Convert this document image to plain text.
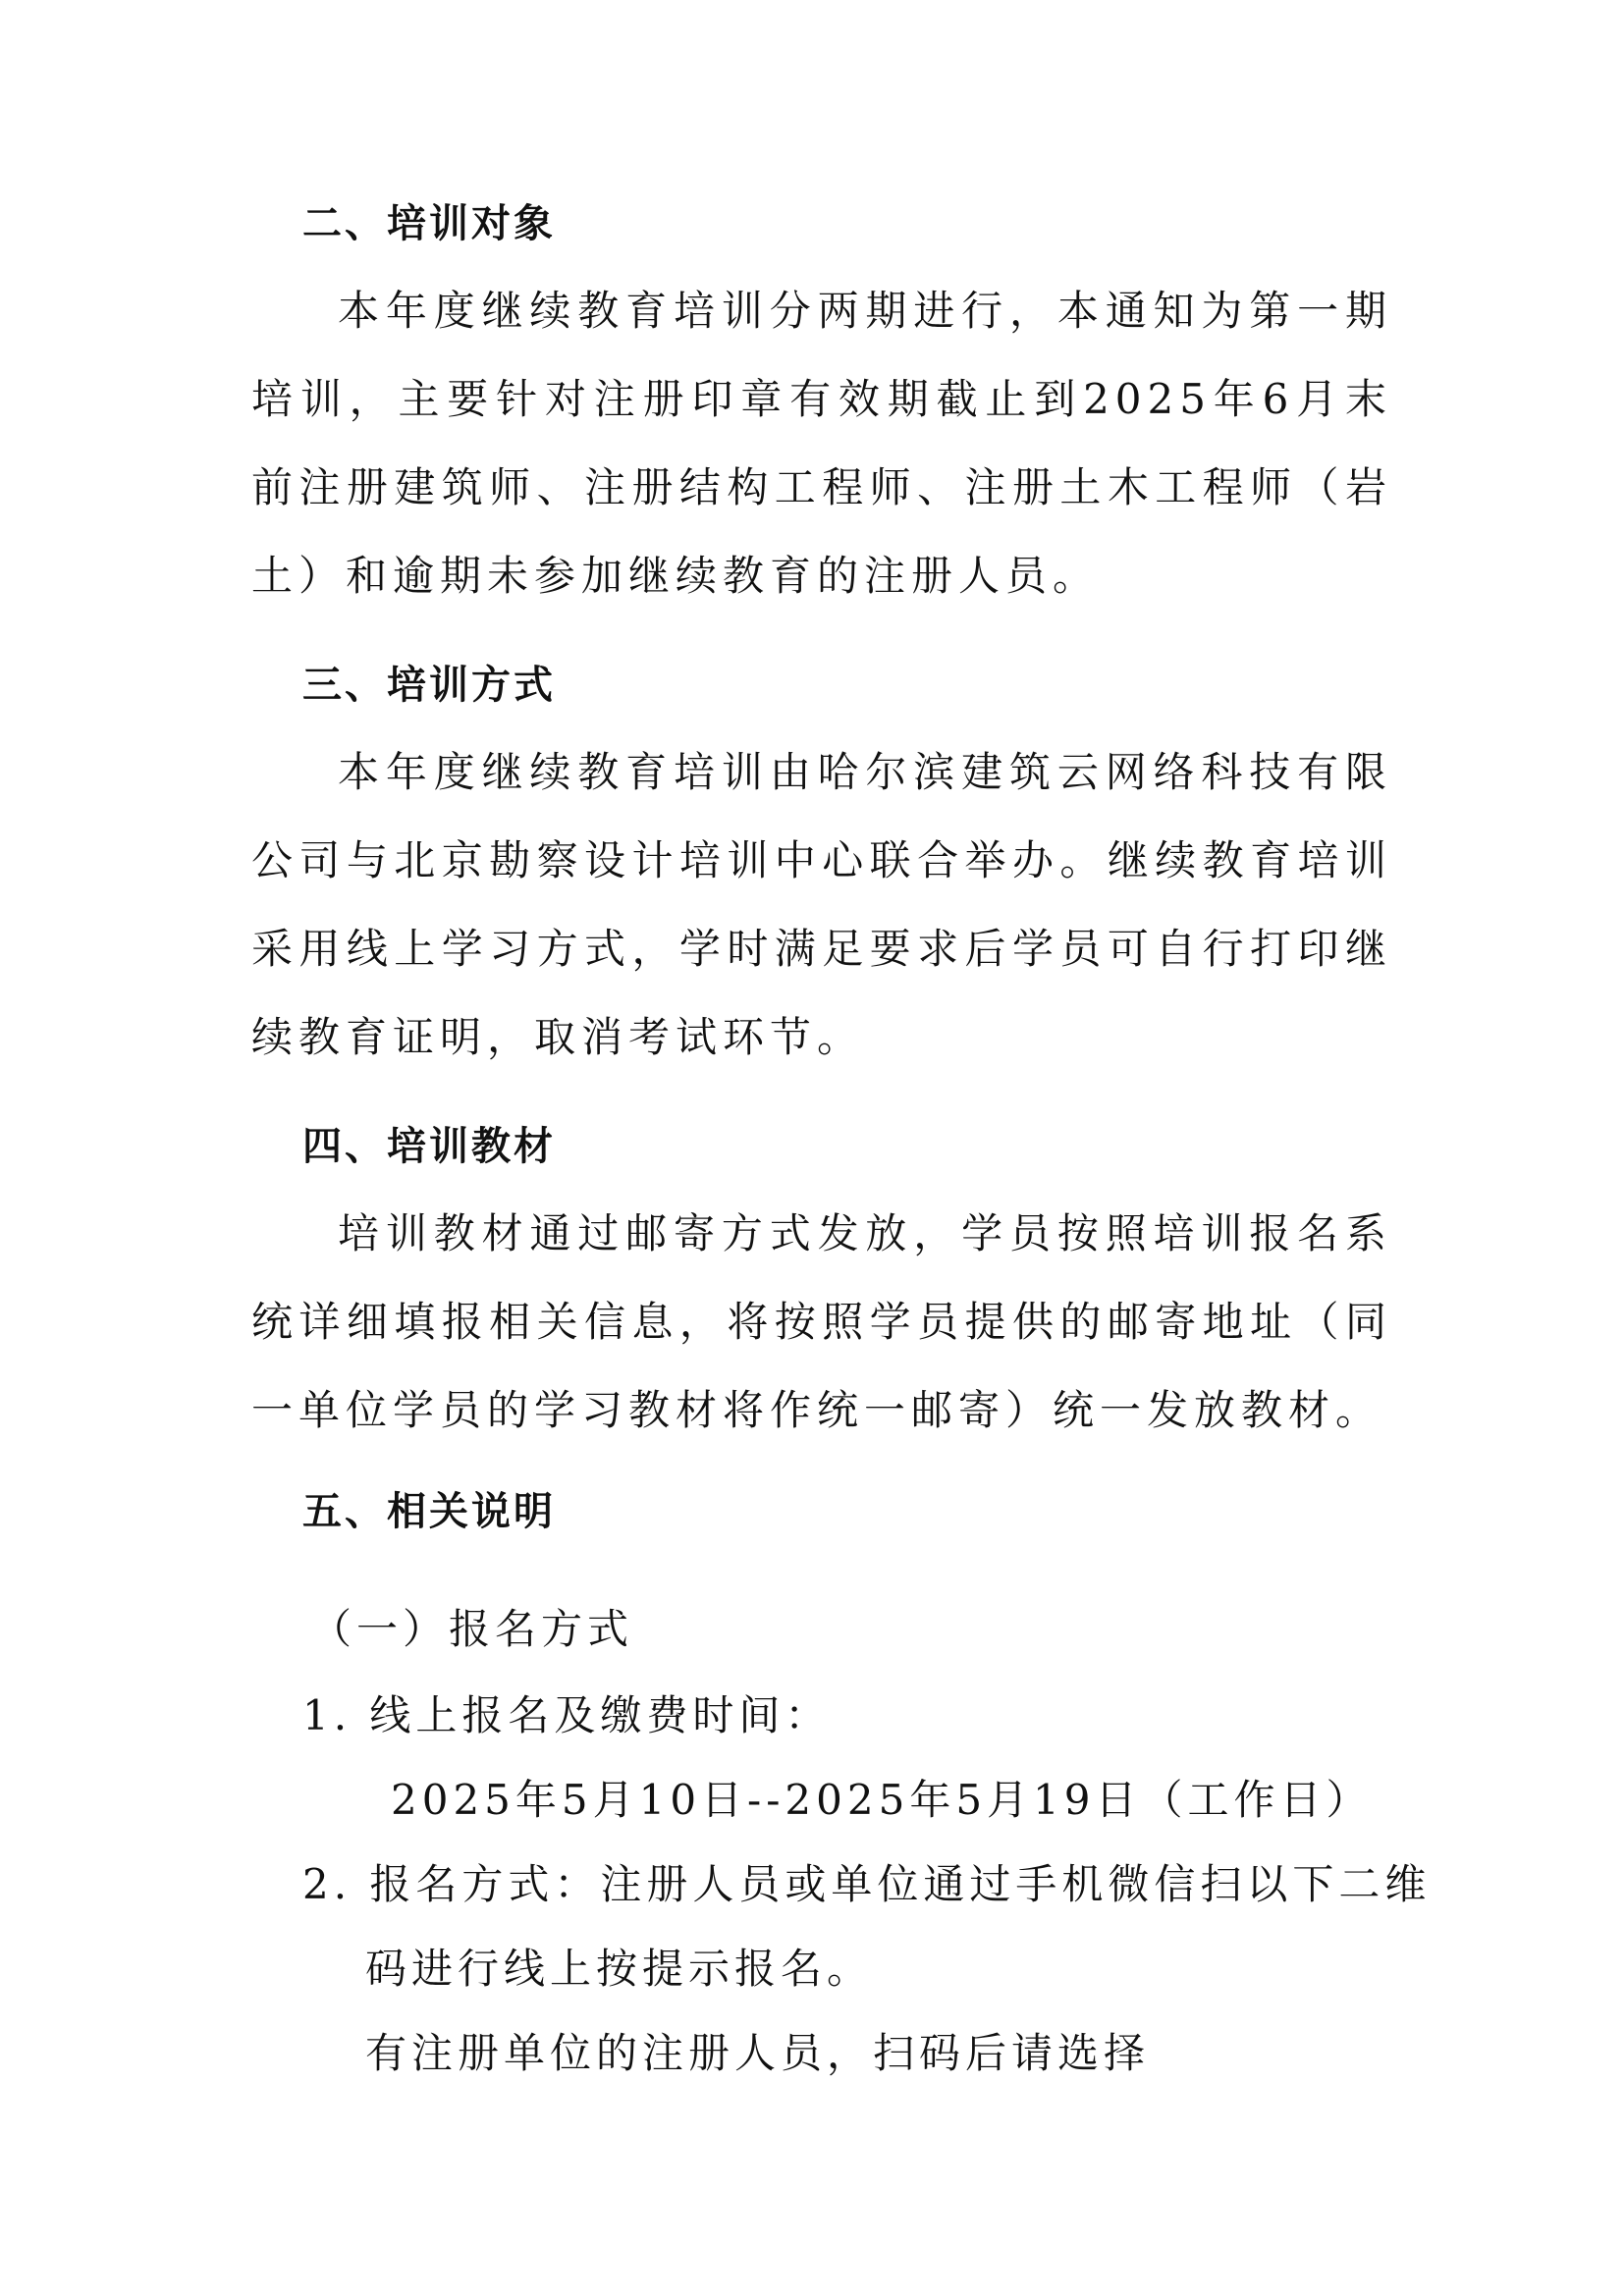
二、培训对象

本年度继续教育培训分两期进行，本通知为第一期培训，主要针对注册印章有效期截止到2025年6月末前注册建筑师、注册结构工程师、注册土木工程师（岩土）和逾期未参加继续教育的注册人员。

三、培训方式

本年度继续教育培训由哈尔滨建筑云网络科技有限公司与北京勘察设计培训中心联合举办。继续教育培训采用线上学习方式，学时满足要求后学员可自行打印继续教育证明，取消考试环节。

四、培训教材

培训教材通过邮寄方式发放，学员按照培训报名系统详细填报相关信息，将按照学员提供的邮寄地址（同一单位学员的学习教材将作统一邮寄）统一发放教材。

五、相关说明
（一）报名方式
1. 线上报名及缴费时间：
2025年5月10日--2025年5月19日（工作日）
2. 报名方式：注册人员或单位通过手机微信扫以下二维
码进行线上按提示报名。
有注册单位的注册人员，扫码后请选择
